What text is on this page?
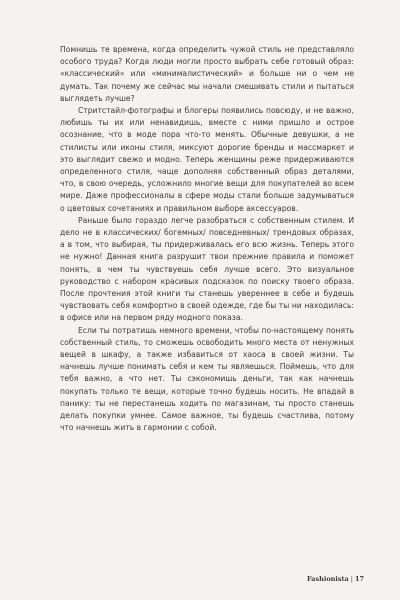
Помнишь те времена, когда определить чужой стиль не представляло особого труда? Когда люди могли просто выбрать себе готовый образ: «классический» или «минималистический» и больше ни о чем не думать. Так почему же сейчас мы начали смешивать стили и пытаться выглядеть лучше?

Стритстайл-фотографы и блогеры появились повсюду, и не важно, любишь ты их или ненавидишь, вместе с ними пришло и острое осознание, что в моде пора что-то менять. Обычные девушки, а не стилисты или иконы стиля, миксуют дорогие бренды и массмаркет и это выглядит свежо и модно. Теперь женщины реже придерживаются определенного стиля, чаще дополняя собственный образ деталями, что, в свою очередь, усложнило многие вещи для покупателей во всем мире. Даже профессионалы в сфере моды стали больше задумываться о цветовых сочетаниях и правильном выборе аксессуаров.

Раньше было гораздо легче разобраться с собственным стилем. И дело не в классических/ богемных/ повседневных/ трендовых образах, а в том, что выбирая, ты придерживалась его всю жизнь. Теперь этого не нужно! Данная книга разрушит твои прежние правила и поможет понять, в чем ты чувствуешь себя лучше всего. Это визуальное руководство с набором красивых подсказок по поиску твоего образа. После прочтения этой книги ты станешь увереннее в себе и будешь чувствовать себя комфортно в своей одежде, где бы ты ни находилась: в офисе или на первом ряду модного показа.

Если ты потратишь немного времени, чтобы по-настоящему понять собственный стиль, то сможешь освободить много места от ненужных вещей в шкафу, а также избавиться от хаоса в своей жизни. Ты начнешь лучше понимать себя и кем ты являешься. Поймешь, что для тебя важно, а что нет. Ты сэкономишь деньги, так как начнешь покупать только те вещи, которые точно будешь носить. Не впадай в панику: ты не перестанешь ходить по магазинам, ты просто станешь делать покупки умнее. Самое важное, ты будешь счастлива, потому что начнешь жить в гармонии с собой.

Fashionista | 17
